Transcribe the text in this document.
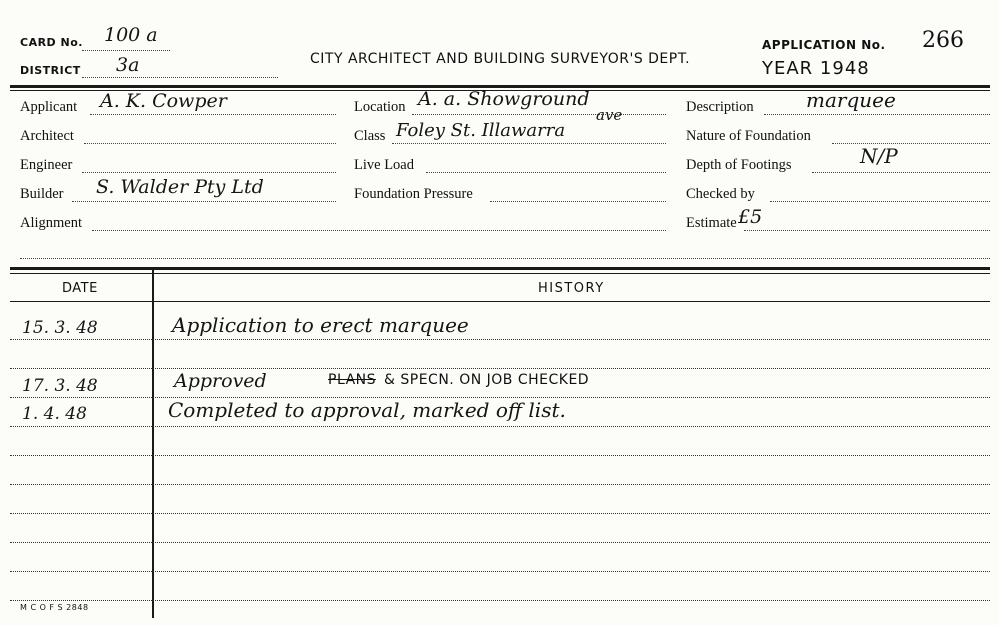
CARD No. 100 a
DISTRICT 3a	CITY ARCHITECT AND BUILDING SURVEYOR'S DEPT.
APPLICATION No. 266
YEAR 1948
Applicant A. K. Cowper
Architect
Engineer
Builder S. Walder Pty Ltd
Alignment
Location A. a. Showground
Class Foley St. Illawarra
ave
Live Load
Foundation Pressure
Description	marquee
Nature of Foundation
Depth of Footings	N/P
Checked by
Estimate £5
DATE	HISTORY
15. 3. 48	Application to erect marquee
17. 3. 48	Approved	PLANS & SPECN. ON JOB CHECKED
1. 4. 48	Completed to approval, marked off list.
M C O F S 2848
